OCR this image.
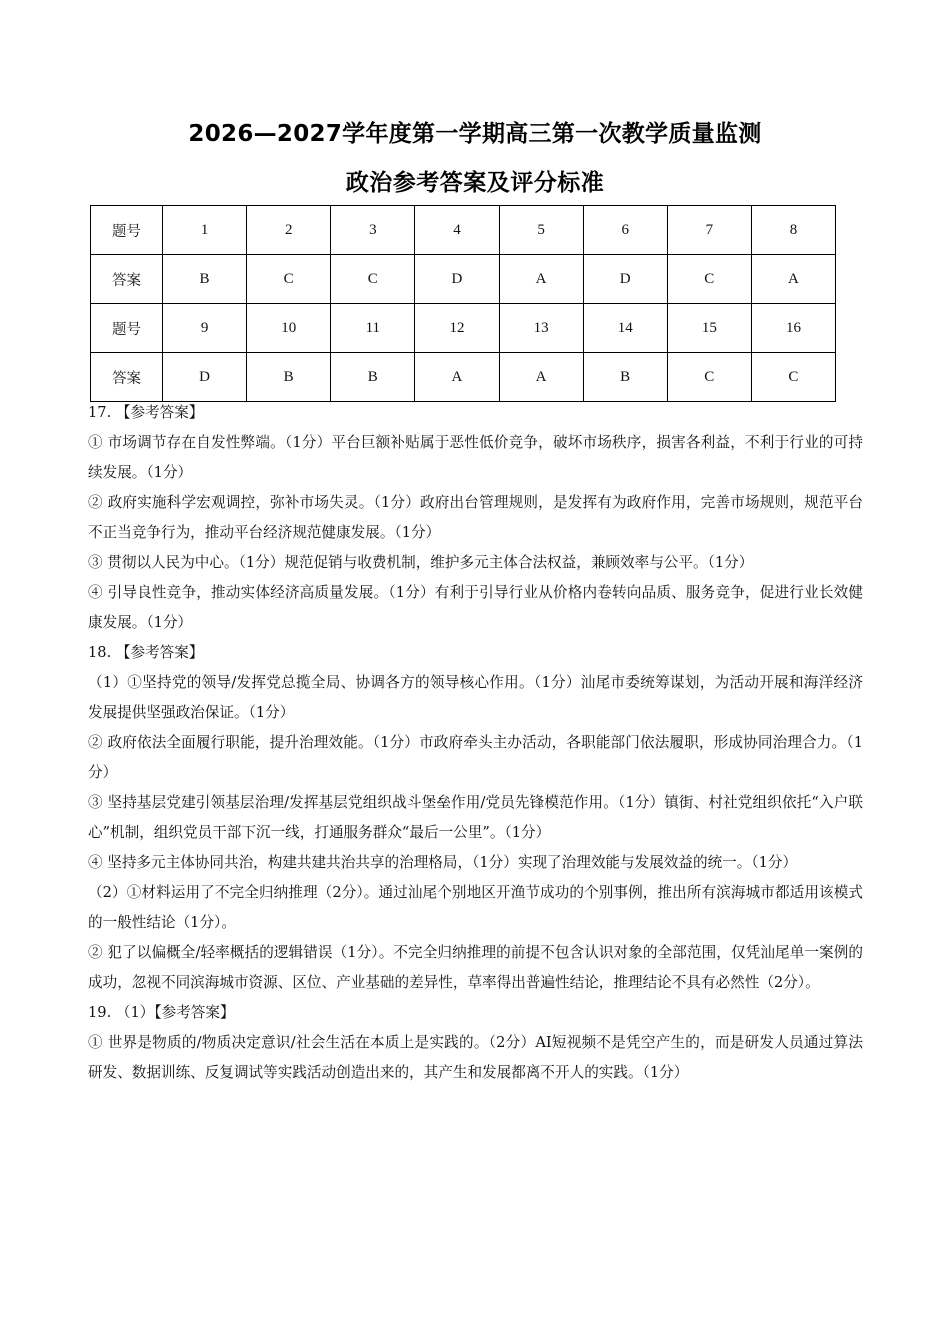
2026—2027学年度第一学期高三第一次教学质量监测
政治参考答案及评分标准
题号	1	2	3	4	5	6	7	8
答案	B	C	C	D	A	D	C	A
题号	9	10	11	12	13	14	15	16
答案	D	B	B	A	A	B	C	C

17. 【参考答案】

① 市场调节存在自发性弊端。（1分）平台巨额补贴属于恶性低价竞争，破坏市场秩序，损害各利益，不利于行业的可持续发展。（1分）

② 政府实施科学宏观调控，弥补市场失灵。（1分）政府出台管理规则，是发挥有为政府作用，完善市场规则，规范平台不正当竞争行为，推动平台经济规范健康发展。（1分）

③ 贯彻以人民为中心。（1分）规范促销与收费机制，维护多元主体合法权益，兼顾效率与公平。（1分）

④ 引导良性竞争，推动实体经济高质量发展。（1分）有利于引导行业从价格内卷转向品质、服务竞争，促进行业长效健康发展。（1分）

18. 【参考答案】

（1）①坚持党的领导/发挥党总揽全局、协调各方的领导核心作用。（1分）汕尾市委统筹谋划，为活动开展和海洋经济发展提供坚强政治保证。（1分）

② 政府依法全面履行职能，提升治理效能。（1分）市政府牵头主办活动，各职能部门依法履职，形成协同治理合力。（1分）

③ 坚持基层党建引领基层治理/发挥基层党组织战斗堡垒作用/党员先锋模范作用。（1分）镇街、村社党组织依托“入户联心”机制，组织党员干部下沉一线，打通服务群众“最后一公里”。（1分）

④ 坚持多元主体协同共治，构建共建共治共享的治理格局，（1分）实现了治理效能与发展效益的统一。（1分）

（2）①材料运用了不完全归纳推理（2分）。通过汕尾个别地区开渔节成功的个别事例，推出所有滨海城市都适用该模式的一般性结论（1分）。

② 犯了以偏概全/轻率概括的逻辑错误（1分）。不完全归纳推理的前提不包含认识对象的全部范围，仅凭汕尾单一案例的成功，忽视不同滨海城市资源、区位、产业基础的差异性，草率得出普遍性结论，推理结论不具有必然性（2分）。

19. （1）【参考答案】

① 世界是物质的/物质决定意识/社会生活在本质上是实践的。（2分）AI短视频不是凭空产生的，而是研发人员通过算法研发、数据训练、反复调试等实践活动创造出来的，其产生和发展都离不开人的实践。（1分）
